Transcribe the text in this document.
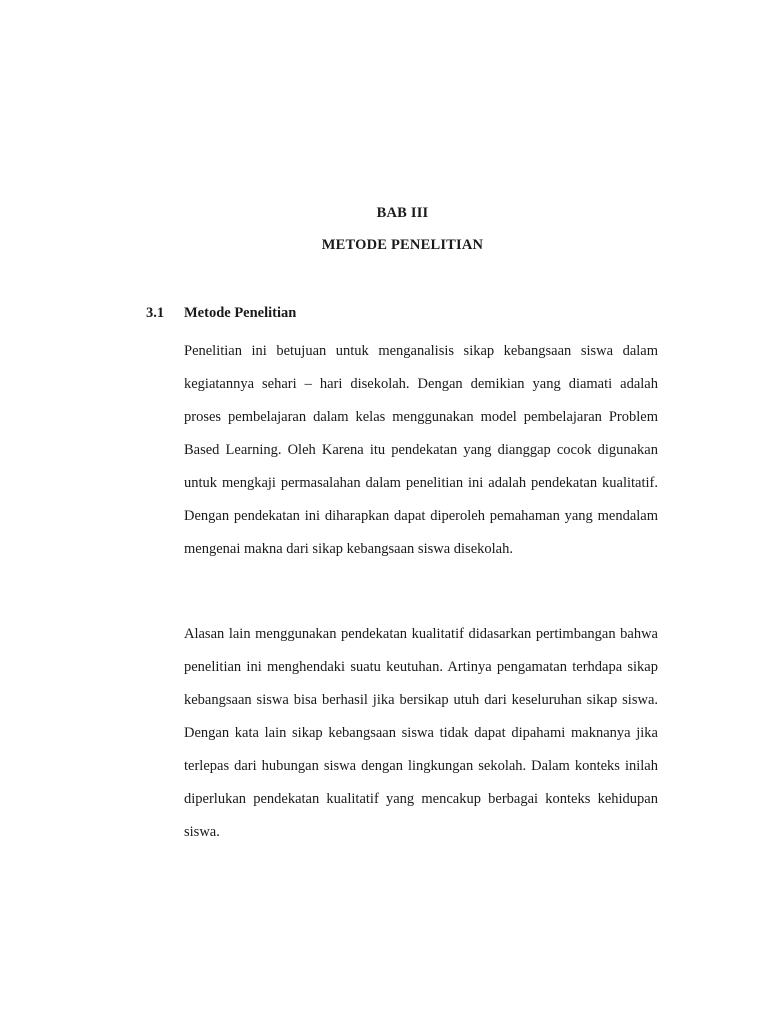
BAB III
METODE PENELITIAN
3.1 Metode Penelitian

Penelitian ini betujuan untuk menganalisis sikap kebangsaan siswa dalam kegiatannya sehari – hari disekolah. Dengan demikian yang diamati adalah proses pembelajaran dalam kelas menggunakan model pembelajaran Problem Based Learning. Oleh Karena itu pendekatan yang dianggap cocok digunakan untuk mengkaji permasalahan dalam penelitian ini adalah pendekatan kualitatif. Dengan pendekatan ini diharapkan dapat diperoleh pemahaman yang mendalam mengenai makna dari sikap kebangsaan siswa disekolah.

Alasan lain menggunakan pendekatan kualitatif didasarkan pertimbangan bahwa penelitian ini menghendaki suatu keutuhan. Artinya pengamatan terhdapa sikap kebangsaan siswa bisa berhasil jika bersikap utuh dari keseluruhan sikap siswa. Dengan kata lain sikap kebangsaan siswa tidak dapat dipahami maknanya jika terlepas dari hubungan siswa dengan lingkungan sekolah. Dalam konteks inilah diperlukan pendekatan kualitatif yang mencakup berbagai konteks kehidupan siswa.
